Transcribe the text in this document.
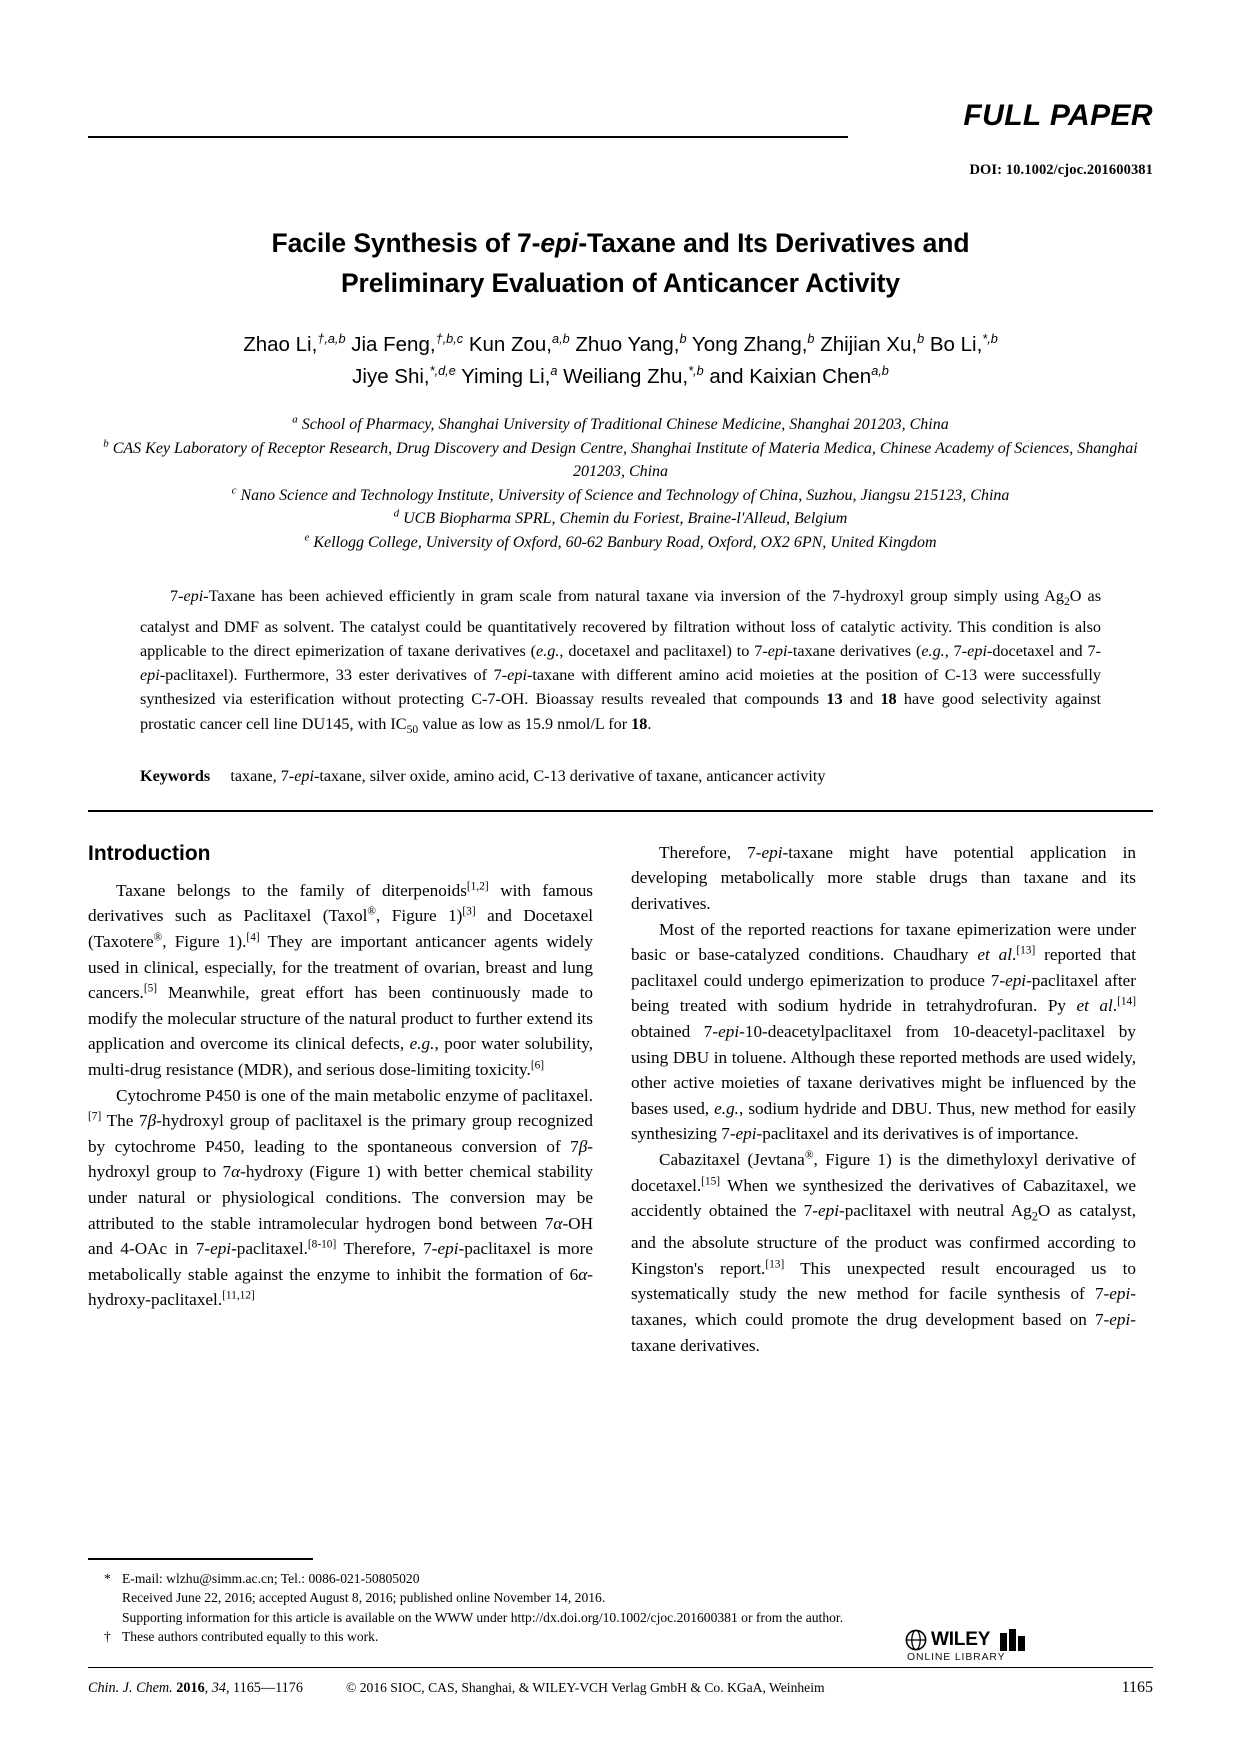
FULL PAPER
DOI: 10.1002/cjoc.201600381
Facile Synthesis of 7-epi-Taxane and Its Derivatives and
Preliminary Evaluation of Anticancer Activity
Zhao Li,$^{\dagger,a,b}$ Jia Feng,$^{\dagger,b,c}$ Kun Zou,$^{a,b}$ Zhuo Yang,$^b$ Yong Zhang,$^b$ Zhijian Xu,$^b$ Bo Li,$^{*,b}$
Jiye Shi,$^{*,d,e}$ Yiming Li,$^a$ Weiliang Zhu,$^{*,b}$ and Kaixian Chen$^{a,b}$
$^a$ School of Pharmacy, Shanghai University of Traditional Chinese Medicine, Shanghai 201203, China
$^b$ CAS Key Laboratory of Receptor Research, Drug Discovery and Design Centre, Shanghai Institute of Materia Medica, Chinese Academy of Sciences, Shanghai 201203, China
$^c$ Nano Science and Technology Institute, University of Science and Technology of China, Suzhou, Jiangsu 215123, China
$^d$ UCB Biopharma SPRL, Chemin du Foriest, Braine-l'Alleud, Belgium
$^e$ Kellogg College, University of Oxford, 60-62 Banbury Road, Oxford, OX2 6PN, United Kingdom
7-epi-Taxane has been achieved efficiently in gram scale from natural taxane via inversion of the 7-hydroxyl group simply using $Ag_2O$ as catalyst and DMF as solvent. The catalyst could be quantitatively recovered by filtration without loss of catalytic activity. This condition is also applicable to the direct epimerization of taxane derivatives (e.g., docetaxel and paclitaxel) to 7-epi-taxane derivatives (e.g., 7-epi-docetaxel and 7-epi-paclitaxel). Furthermore, 33 ester derivatives of 7-epi-taxane with different amino acid moieties at the position of C-13 were successfully synthesized via esterification without protecting C-7-OH. Bioassay results revealed that compounds 13 and 18 have good selectivity against prostatic cancer cell line DU145, with $IC_{50}$ value as low as 15.9 nmol/L for 18.
Keywords   taxane, 7-epi-taxane, silver oxide, amino acid, C-13 derivative of taxane, anticancer activity
Introduction

Taxane belongs to the family of diterpenoids[1,2] with famous derivatives such as Paclitaxel (Taxol®, Figure 1)[3] and Docetaxel (Taxotere®, Figure 1).[4] They are important anticancer agents widely used in clinical, especially, for the treatment of ovarian, breast and lung cancers.[5] Meanwhile, great effort has been continuously made to modify the molecular structure of the natural product to further extend its application and overcome its clinical defects, e.g., poor water solubility, multi-drug resistance (MDR), and serious dose-limiting toxicity.[6]

Cytochrome P450 is one of the main metabolic enzyme of paclitaxel.[7] The 7β-hydroxyl group of paclitaxel is the primary group recognized by cytochrome P450, leading to the spontaneous conversion of 7β-hydroxyl group to 7α-hydroxy (Figure 1) with better chemical stability under natural or physiological conditions. The conversion may be attributed to the stable intramolecular hydrogen bond between 7α-OH and 4-OAc in 7-epi-paclitaxel.[8-10] Therefore, 7-epi-paclitaxel is more metabolically stable against the enzyme to inhibit the formation of 6α-hydroxy-paclitaxel.[11,12]

Therefore, 7-epi-taxane might have potential application in developing metabolically more stable drugs than taxane and its derivatives.

Most of the reported reactions for taxane epimerization were under basic or base-catalyzed conditions. Chaudhary et al.[13] reported that paclitaxel could undergo epimerization to produce 7-epi-paclitaxel after being treated with sodium hydride in tetrahydrofuran. Py et al.[14] obtained 7-epi-10-deacetylpaclitaxel from 10-deacetyl-paclitaxel by using DBU in toluene. Although these reported methods are used widely, other active moieties of taxane derivatives might be influenced by the bases used, e.g., sodium hydride and DBU. Thus, new method for easily synthesizing 7-epi-paclitaxel and its derivatives is of importance.

Cabazitaxel (Jevtana®, Figure 1) is the dimethyloxyl derivative of docetaxel.[15] When we synthesized the derivatives of Cabazitaxel, we accidently obtained the 7-epi-paclitaxel with neutral $Ag_2O$ as catalyst, and the absolute structure of the product was confirmed according to Kingston's report.[13] This unexpected result encouraged us to systematically study the new method for facile synthesis of 7-epi-taxanes, which could promote the drug development based on 7-epi-taxane derivatives.

* E-mail: wlzhu@simm.ac.cn; Tel.: 0086-021-50805020
Received June 22, 2016; accepted August 8, 2016; published online November 14, 2016.
Supporting information for this article is available on the WWW under http://dx.doi.org/10.1002/cjoc.201600381 or from the author.
† These authors contributed equally to this work.	WILEY
ONLINE LIBRARY
Chin. J. Chem. 2016, 34, 1165—1176	© 2016 SIOC, CAS, Shanghai, & WILEY-VCH Verlag GmbH & Co. KGaA, Weinheim	1165
